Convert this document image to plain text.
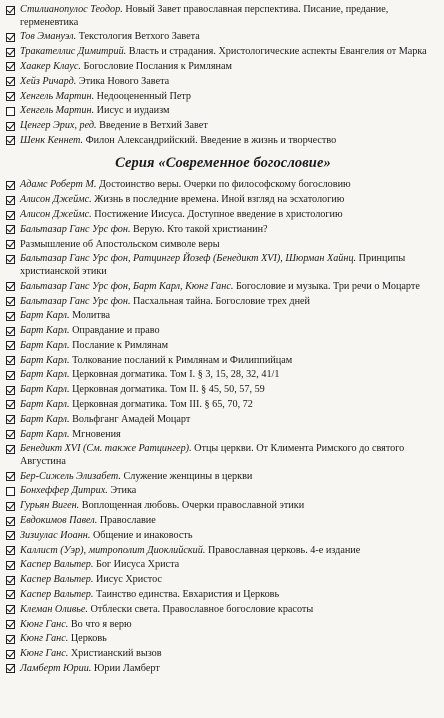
Стилианопулос Теодор. Новый Завет православная перспектива. Писание, предание, герменевтика
Тов Эмануэл. Текстология Ветхого Завета
Тракателлис Димитрий. Власть и страдания. Христологические аспекты Евангелия от Марка
Хаакер Клаус. Богословие Послания к Римлянам
Хейз Ричард. Этика Нового Завета
Хенгель Мартин. Недооцененный Петр
Хенгель Мартин. Иисус и иудаизм
Ценгер Эрих, ред. Введение в Ветхий Завет
Шенк Кеннет. Филон Александрийский. Введение в жизнь и творчество
Серия «Современное богословие»
Адамс Роберт М. Достоинство веры. Очерки по философскому богословию
Алисон Джеймс. Жизнь в последние времена. Иной взгляд на эсхатологию
Алисон Джеймс. Постижение Иисуса. Доступное введение в христологию
Бальтазар Ганс Урс фон. Верую. Кто такой христианин?
Размышление об Апостольском символе веры
Бальтазар Ганс Урс фон, Ратцингер Йозеф (Бенедикт XVI), Шюрман Хайнц. Принципы христианской этики
Бальтазар Ганс Урс фон, Барт Карл, Кюнг Ганс. Богословие и музыка. Три речи о Моцарте
Бальтазар Ганс Урс фон. Пасхальная тайна. Богословие трех дней
Барт Карл. Молитва
Барт Карл. Оправдание и право
Барт Карл. Послание к Римлянам
Барт Карл. Толкование посланий к Римлянам и Филиппийцам
Барт Карл. Церковная догматика. Том I. § 3, 15, 28, 32, 41/1
Барт Карл. Церковная догматика. Том II. § 45, 50, 57, 59
Барт Карл. Церковная догматика. Том III. § 65, 70, 72
Барт Карл. Вольфганг Амадей Моцарт
Барт Карл. Мгновения
Бенедикт XVI (См. также Ратцингер). Отцы церкви. От Климента Римского до святого Августина
Бер-Сижель Элизабет. Служение женщины в церкви
Бонхеффер Дитрих. Этика
Гурьян Виген. Воплощенная любовь. Очерки православной этики
Евдокимов Павел. Православие
Зизиулас Иоанн. Общение и инаковость
Каллист (Уэр), митрополит Диоклийский. Православная церковь. 4-е издание
Каспер Вальтер. Бог Иисуса Христа
Каспер Вальтер. Иисус Христос
Каспер Вальтер. Таинство единства. Евхаристия и Церковь
Клеман Оливье. Отблески света. Православное богословие красоты
Кюнг Ганс. Во что я верю
Кюнг Ганс. Церковь
Кюнг Ганс. Христианский вызов
Ламберт Юрии. Юрии Ламберт
